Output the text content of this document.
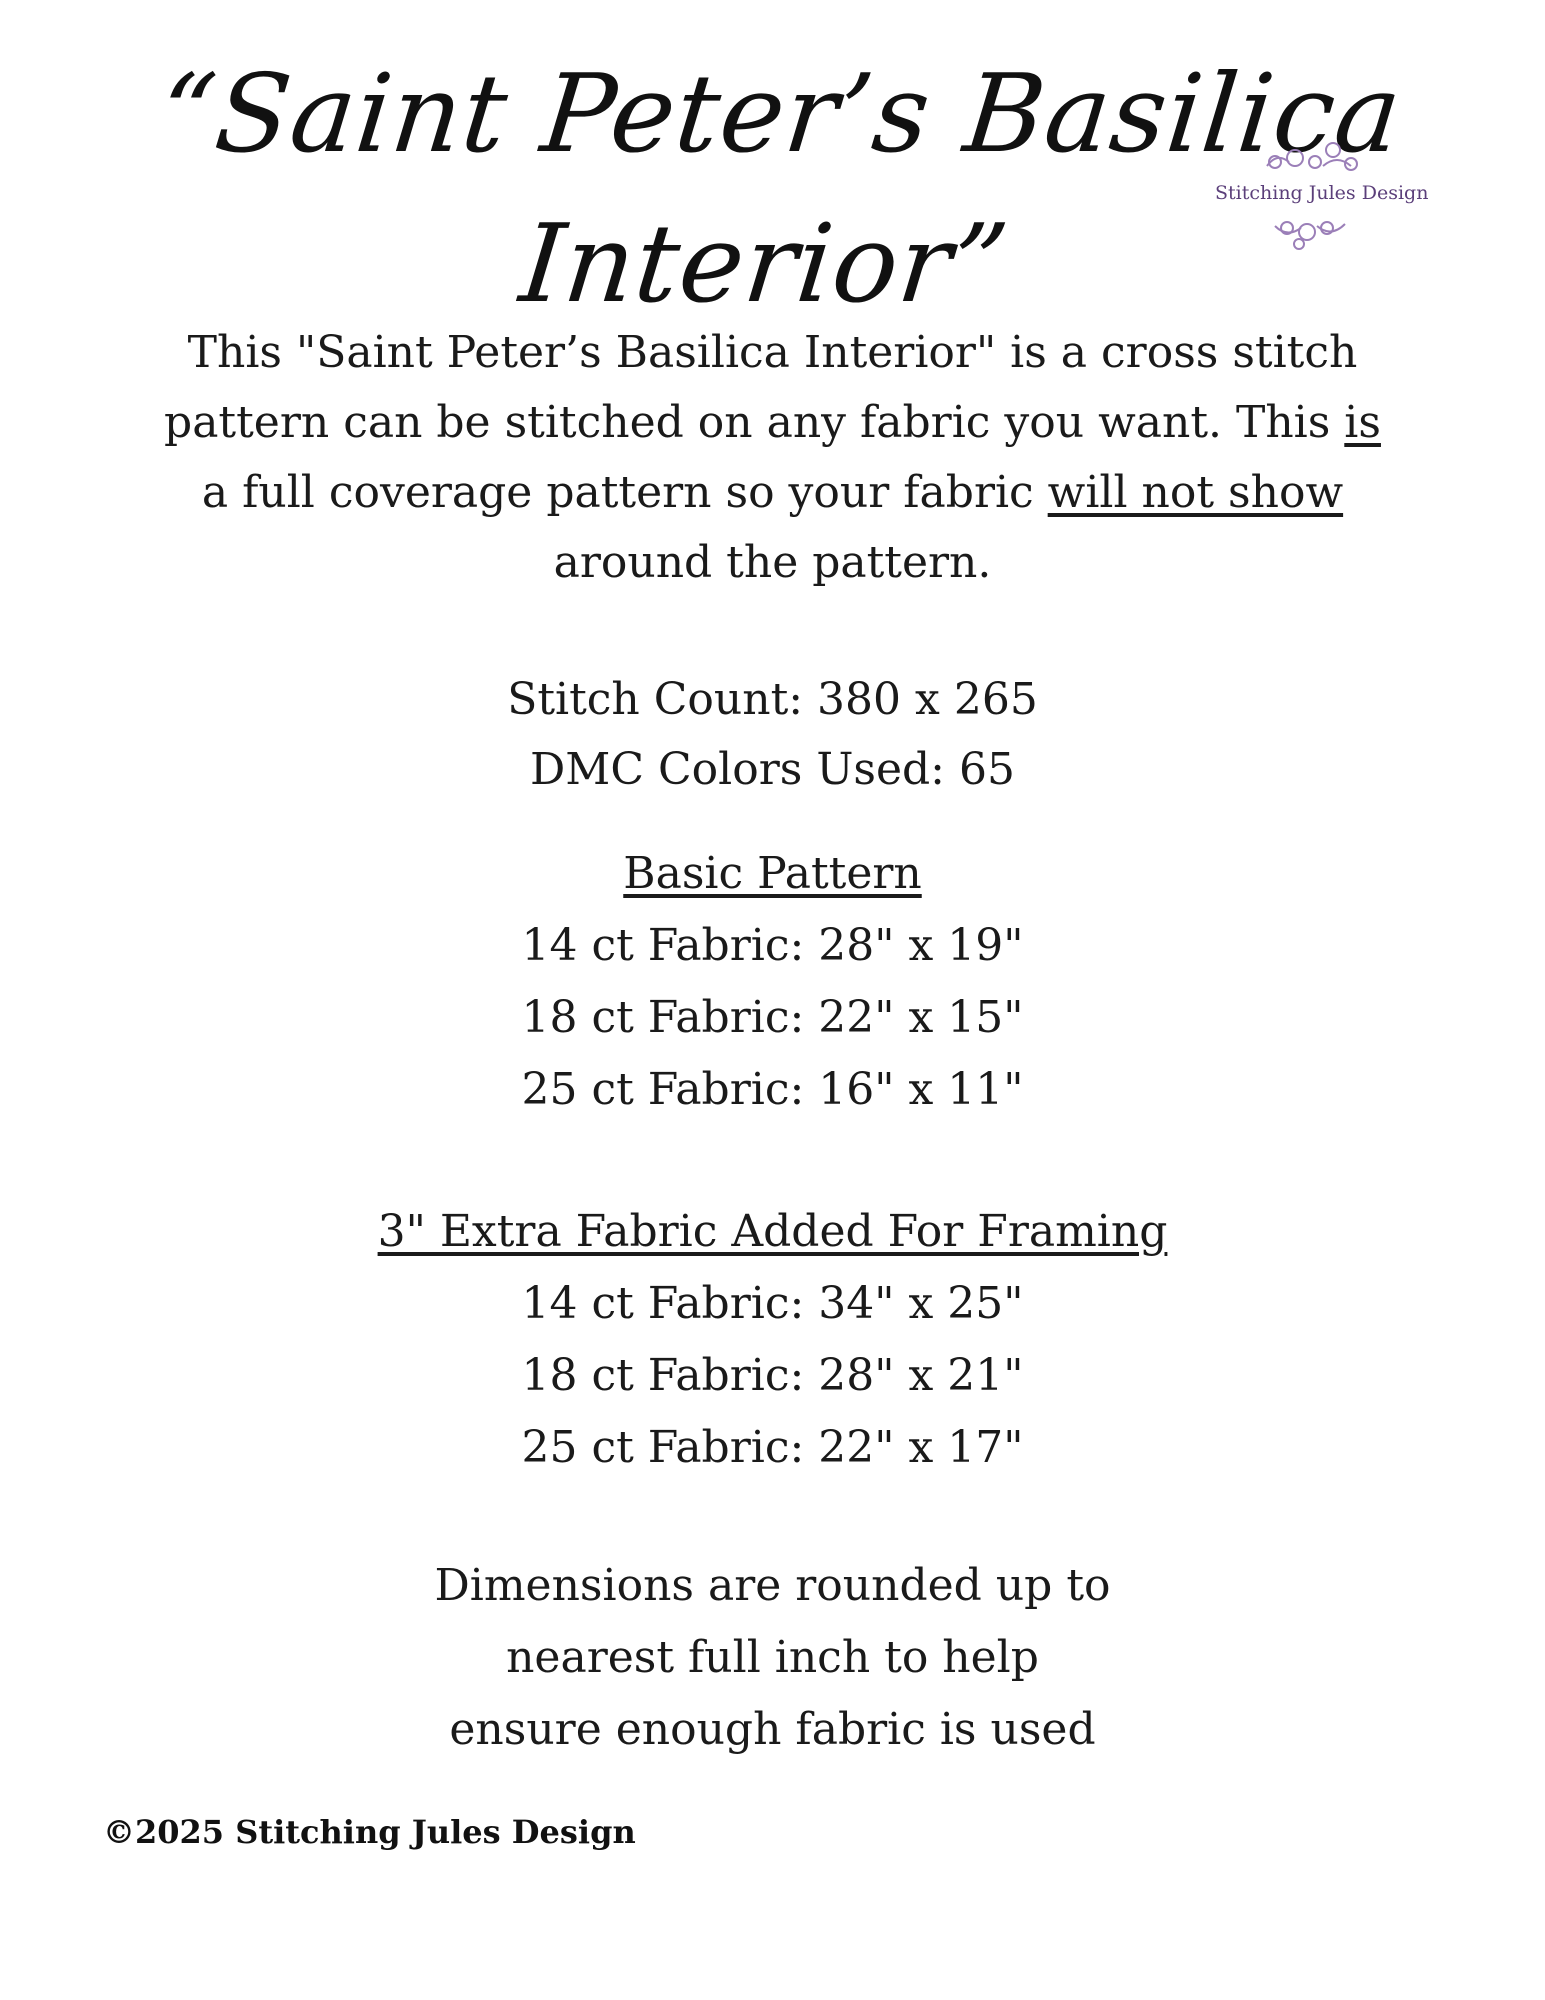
“Saint Peter’s Basilica Interior”
Stitching Jules Design
This "Saint Peter’s Basilica Interior" is a cross stitch pattern can be stitched on any fabric you want. This is a full coverage pattern so your fabric will not show around the pattern.
Stitch Count: 380 x 265
DMC Colors Used: 65
Basic Pattern
14 ct Fabric: 28" x 19"
18 ct Fabric: 22" x 15"
25 ct Fabric: 16" x 11"
3" Extra Fabric Added For Framing
14 ct Fabric: 34" x 25"
18 ct Fabric: 28" x 21"
25 ct Fabric: 22" x 17"
Dimensions are rounded up to
nearest full inch to help
ensure enough fabric is used
©2025 Stitching Jules Design
